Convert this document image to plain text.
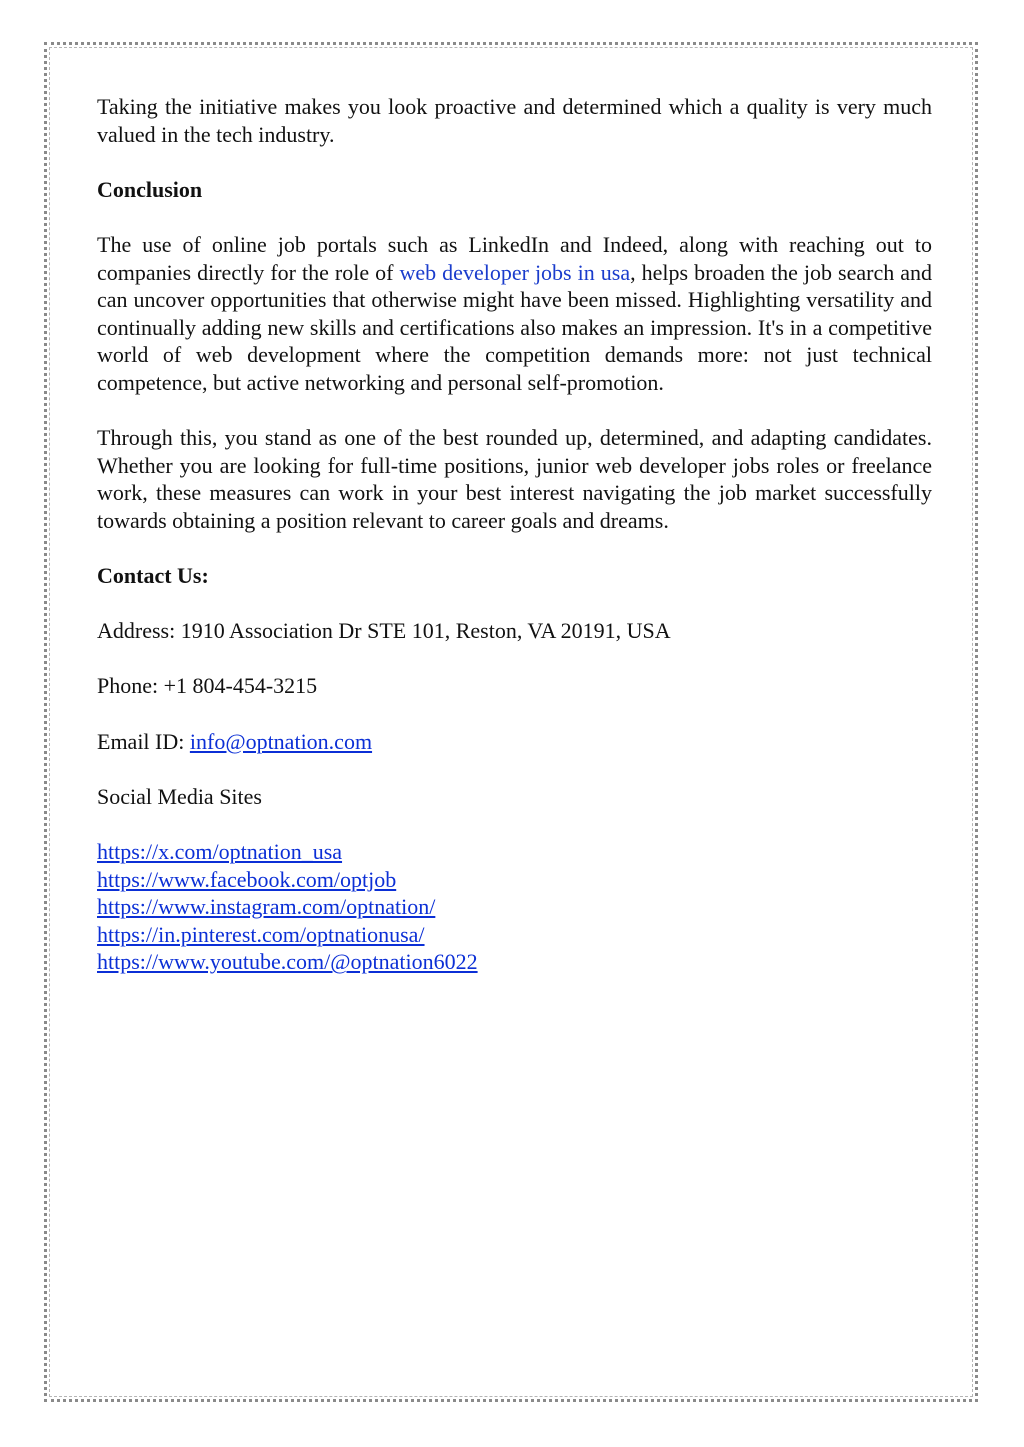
Taking the initiative makes you look proactive and determined which a quality is very much valued in the tech industry.

Conclusion

The use of online job portals such as LinkedIn and Indeed, along with reaching out to companies directly for the role of web developer jobs in usa, helps broaden the job search and can uncover opportunities that otherwise might have been missed. Highlighting versatility and continually adding new skills and certifications also makes an impression. It's in a competitive world of web development where the competition demands more: not just technical competence, but active networking and personal self-promotion.

Through this, you stand as one of the best rounded up, determined, and adapting candidates. Whether you are looking for full-time positions, junior web developer jobs roles or freelance work, these measures can work in your best interest navigating the job market successfully towards obtaining a position relevant to career goals and dreams.

Contact Us:

Address: 1910 Association Dr STE 101, Reston, VA 20191, USA

Phone: +1 804-454-3215

Email ID: info@optnation.com

Social Media Sites

https://x.com/optnation_usa

https://www.facebook.com/optjob

https://www.instagram.com/optnation/

https://in.pinterest.com/optnationusa/

https://www.youtube.com/@optnation6022
